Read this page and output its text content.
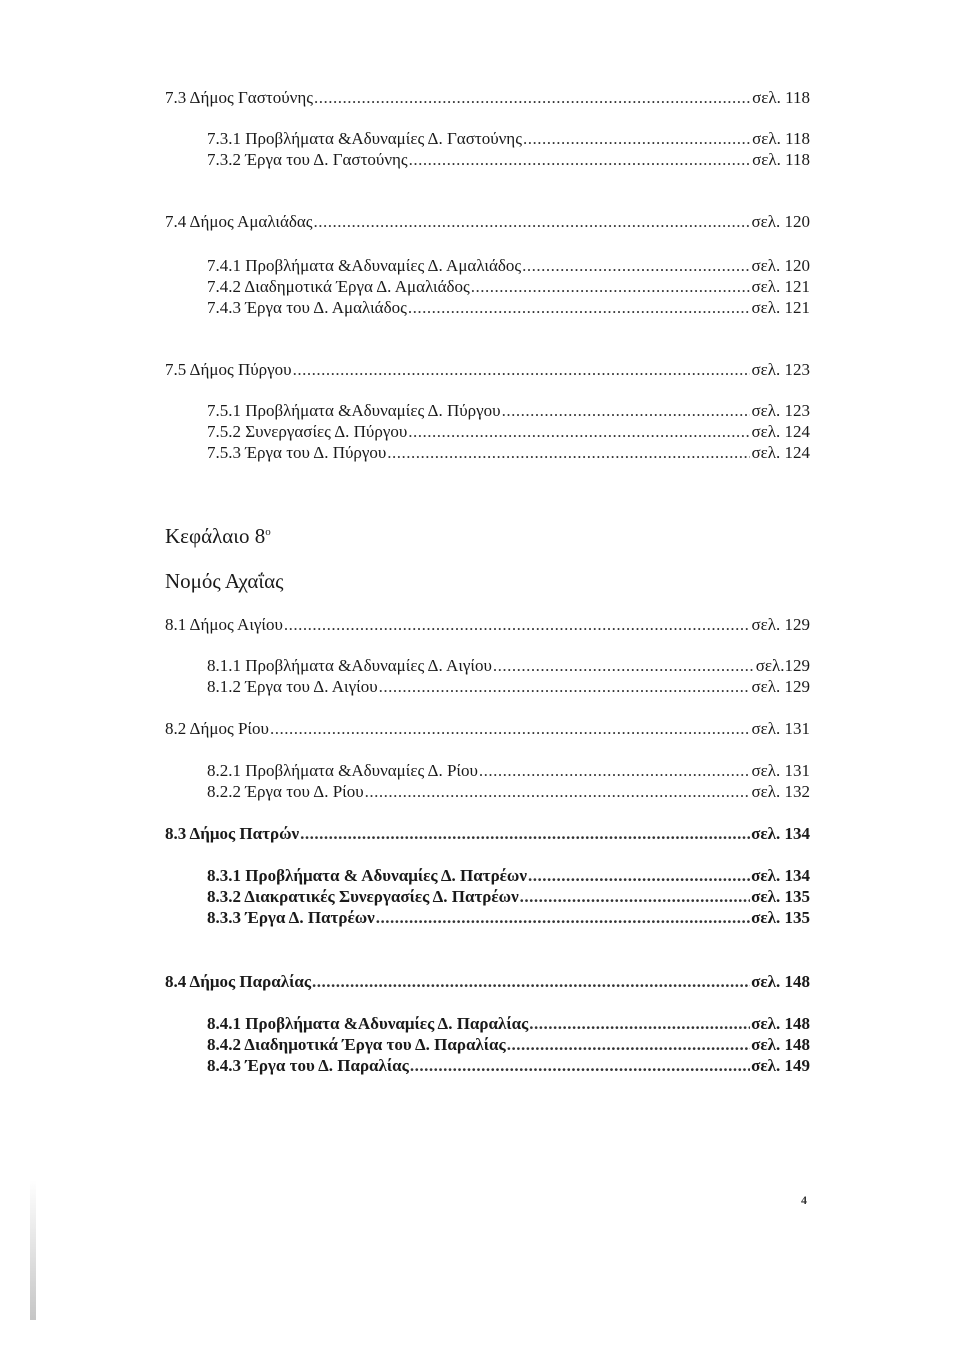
7.3 Δήμος Γαστούνης .....	σελ. 118
7.3.1 Προβλήματα &Αδυναμίες Δ. Γαστούνης .....	σελ. 118
7.3.2 Έργα του Δ. Γαστούνης .....	σελ. 118
7.4 Δήμος Αμαλιάδας .....	σελ. 120
7.4.1 Προβλήματα &Αδυναμίες Δ. Αμαλιάδος .....	σελ. 120
7.4.2 Διαδημοτικά Έργα Δ. Αμαλιάδος .....	σελ. 121
7.4.3 Έργα του Δ. Αμαλιάδος .....	σελ. 121
7.5 Δήμος Πύργου .....	σελ. 123
7.5.1 Προβλήματα &Αδυναμίες Δ. Πύργου .....	σελ. 123
7.5.2 Συνεργασίες Δ. Πύργου .....	σελ. 124
7.5.3 Έργα του Δ. Πύργου .....	σελ. 124
Κεφάλαιο $8^o$
Νομός Αχαΐας
8.1 Δήμος Αιγίου .....	σελ. 129
8.1.1 Προβλήματα &Αδυναμίες Δ. Αιγίου .....	σελ.129
8.1.2 Έργα του Δ. Αιγίου .....	σελ. 129
8.2 Δήμος Ρίου .....	σελ. 131
8.2.1 Προβλήματα &Αδυναμίες Δ. Ρίου .....	σελ. 131
8.2.2 Έργα του Δ. Ρίου .....	σελ. 132
8.3 Δήμος Πατρών .....	σελ. 134
8.3.1 Προβλήματα & Αδυναμίες Δ. Πατρέων .....	σελ. 134
8.3.2 Διακρατικές Συνεργασίες Δ. Πατρέων .....	σελ. 135
8.3.3 Έργα Δ. Πατρέων .....	σελ. 135
8.4 Δήμος Παραλίας .....	σελ. 148
8.4.1 Προβλήματα &Αδυναμίες Δ. Παραλίας .....	σελ. 148
8.4.2 Διαδημοτικά Έργα του Δ. Παραλίας .....	σελ. 148
8.4.3 Έργα του Δ. Παραλίας .....	σελ. 149
4
